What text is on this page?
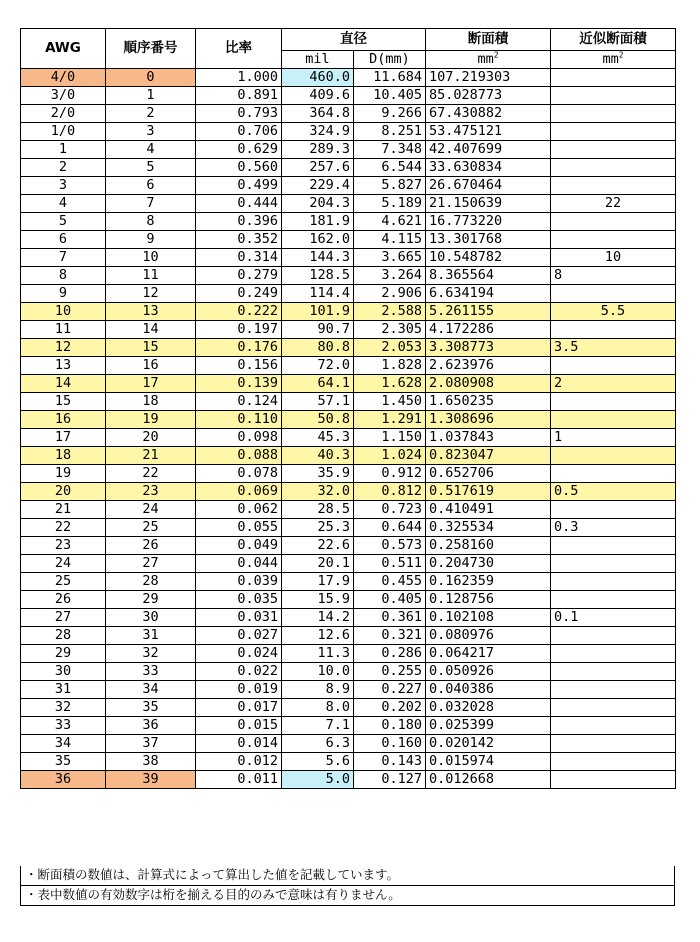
AWG	順序番号	比率	直径		断面積	近似断面積
			mil	D(mm)	$mm^2$	$mm^2$
4/0	0	1.000	460.0	11.684	107.219303	
3/0	1	0.891	409.6	10.405	85.028773	
2/0	2	0.793	364.8	9.266	67.430882	
1/0	3	0.706	324.9	8.251	53.475121	
1	4	0.629	289.3	7.348	42.407699	
2	5	0.560	257.6	6.544	33.630834	
3	6	0.499	229.4	5.827	26.670464	
4	7	0.444	204.3	5.189	21.150639	22
5	8	0.396	181.9	4.621	16.773220	
6	9	0.352	162.0	4.115	13.301768	
7	10	0.314	144.3	3.665	10.548782	10
8	11	0.279	128.5	3.264	8.365564	8
9	12	0.249	114.4	2.906	6.634194	
10	13	0.222	101.9	2.588	5.261155	5.5
11	14	0.197	90.7	2.305	4.172286	
12	15	0.176	80.8	2.053	3.308773	3.5
13	16	0.156	72.0	1.828	2.623976	
14	17	0.139	64.1	1.628	2.080908	2
15	18	0.124	57.1	1.450	1.650235	
16	19	0.110	50.8	1.291	1.308696	
17	20	0.098	45.3	1.150	1.037843	1
18	21	0.088	40.3	1.024	0.823047	
19	22	0.078	35.9	0.912	0.652706	
20	23	0.069	32.0	0.812	0.517619	0.5
21	24	0.062	28.5	0.723	0.410491	
22	25	0.055	25.3	0.644	0.325534	0.3
23	26	0.049	22.6	0.573	0.258160	
24	27	0.044	20.1	0.511	0.204730	
25	28	0.039	17.9	0.455	0.162359	
26	29	0.035	15.9	0.405	0.128756	
27	30	0.031	14.2	0.361	0.102108	0.1
28	31	0.027	12.6	0.321	0.080976	
29	32	0.024	11.3	0.286	0.064217	
30	33	0.022	10.0	0.255	0.050926	
31	34	0.019	8.9	0.227	0.040386	
32	35	0.017	8.0	0.202	0.032028	
33	36	0.015	7.1	0.180	0.025399	
34	37	0.014	6.3	0.160	0.020142	
35	38	0.012	5.6	0.143	0.015974	
36	39	0.011	5.0	0.127	0.012668	
・断面積の数値は、計算式によって算出した値を記載しています。
・表中数値の有効数字は桁を揃える目的のみで意味は有りません。
